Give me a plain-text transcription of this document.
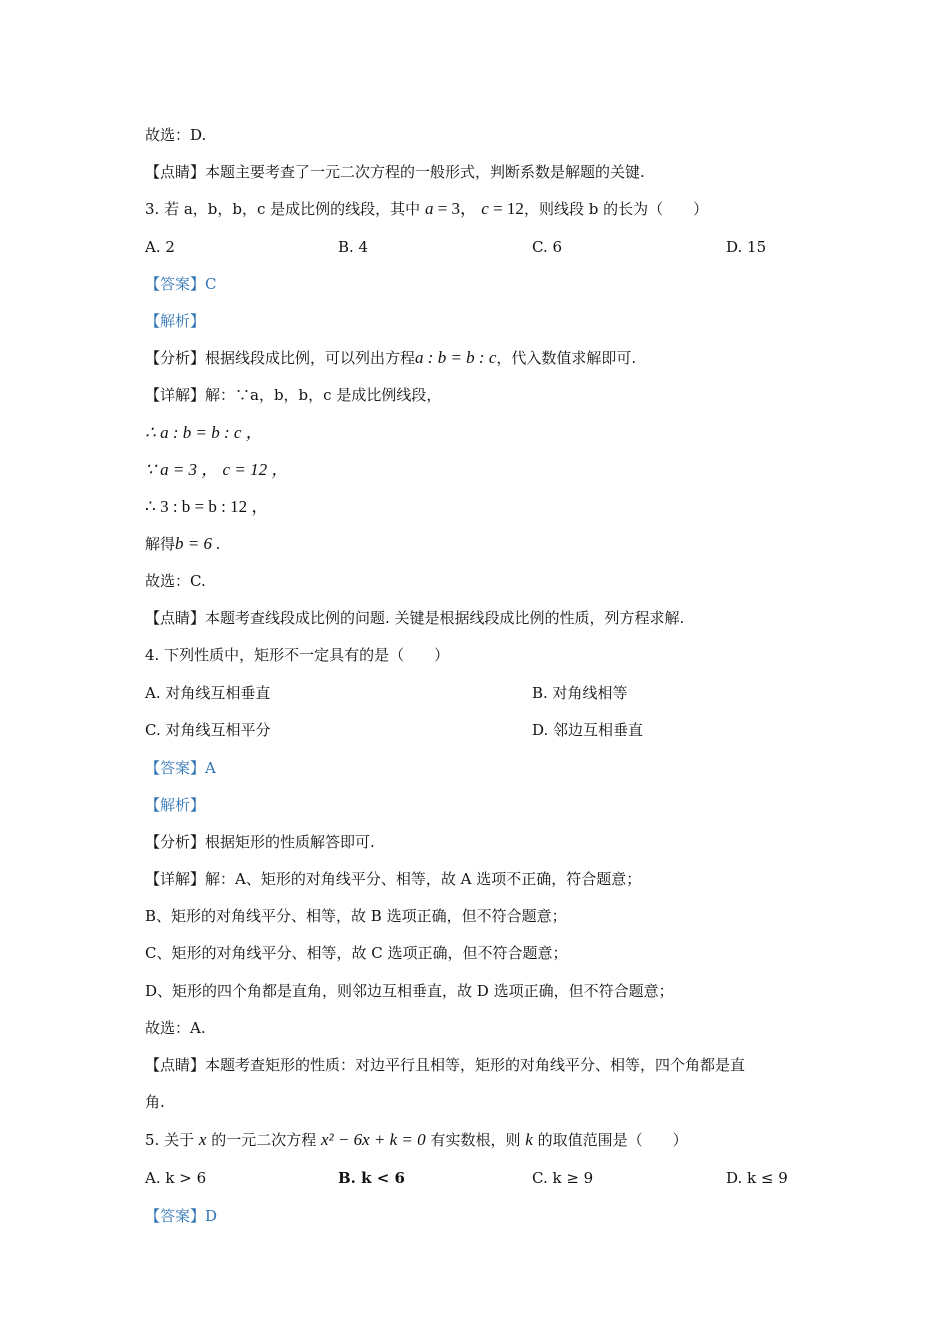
故选：D.
【点睛】本题主要考查了一元二次方程的一般形式，判断系数是解题的关键.
3. 若 a，b，b，c 是成比例的线段，其中 a = 3， c = 12，则线段 b 的长为（　　）
A. 2	B. 4	C. 6	D. 15
【答案】C
【解析】
【分析】根据线段成比例，可以列出方程a : b = b : c，代入数值求解即可.
【详解】解：∵a，b，b，c 是成比例线段，
∴ a : b = b : c ，
∵ a = 3 ， c = 12 ，
∴ 3 : b = b : 12 ，
解得b = 6 .
故选：C.
【点睛】本题考查线段成比例的问题. 关键是根据线段成比例的性质，列方程求解.
4. 下列性质中，矩形不一定具有的是（　　）
A. 对角线互相垂直	B. 对角线相等
C. 对角线互相平分	D. 邻边互相垂直
【答案】A
【解析】
【分析】根据矩形的性质解答即可.
【详解】解：A、矩形的对角线平分、相等，故 A 选项不正确，符合题意；
B、矩形的对角线平分、相等，故 B 选项正确，但不符合题意；
C、矩形的对角线平分、相等，故 C 选项正确，但不符合题意；
D、矩形的四个角都是直角，则邻边互相垂直，故 D 选项正确，但不符合题意；
故选：A.
【点睛】本题考查矩形的性质：对边平行且相等，矩形的对角线平分、相等，四个角都是直
角.
5. 关于 x 的一元二次方程 x² − 6x + k = 0 有实数根，则 k 的取值范围是（　　）
A. k > 6	B. k < 6	C. k ≥ 9	D. k ≤ 9
【答案】D
